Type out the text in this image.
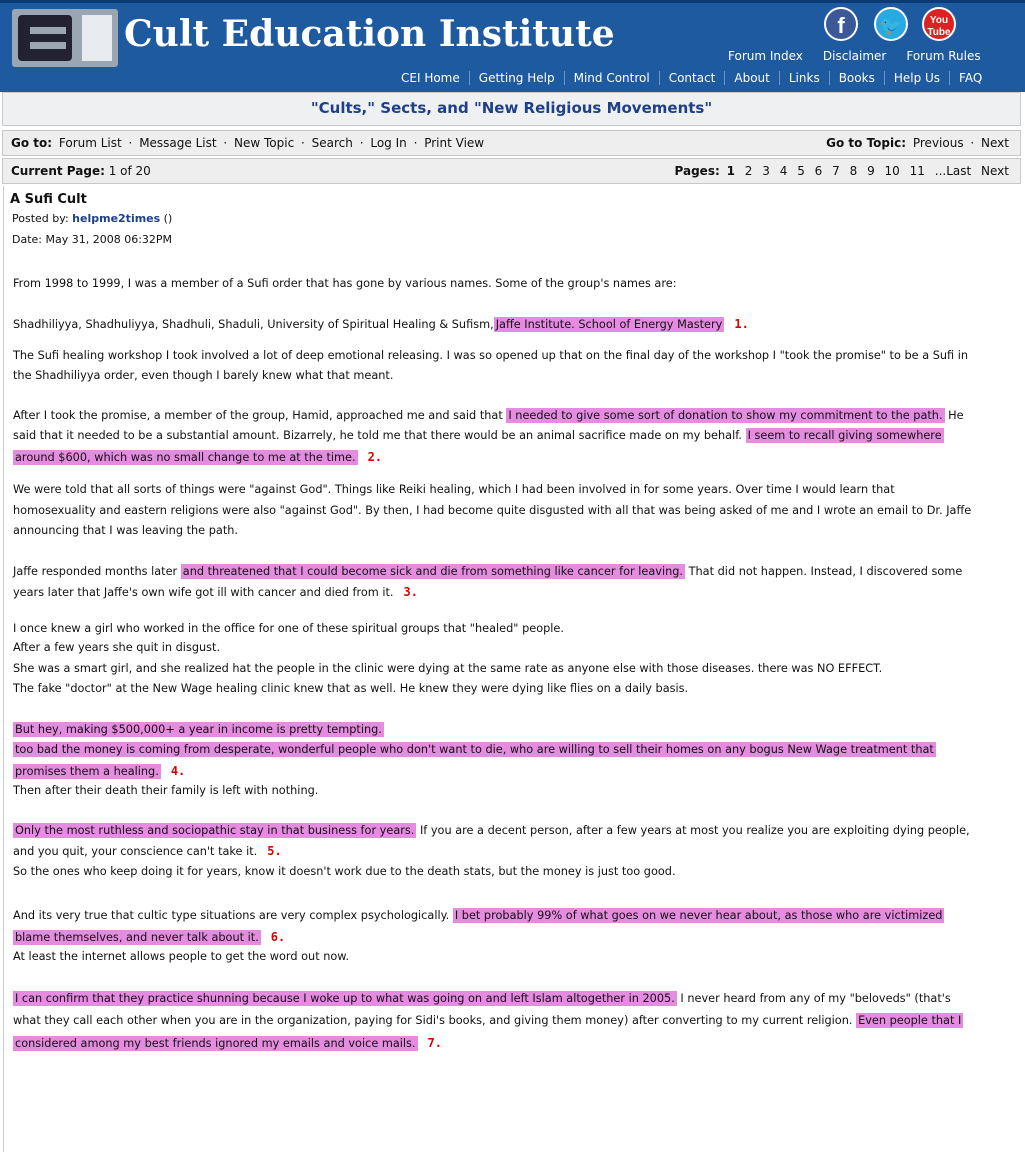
Cult Education Institute	f	🐦	You Tube
Forum Index	Disclaimer	Forum Rules
CEI Home	Getting Help	Mind Control	Contact	About	Links	Books	Help Us	FAQ
"Cults," Sects, and "New Religious Movements"
Go to: Forum List · Message List · New Topic · Search · Log In · Print View	Go to Topic: Previous · Next
Current Page: 1 of 20	Pages: 1 2 3 4 5 6 7 8 9 10 11 ...Last Next
A Sufi Cult
Posted by: helpme2times ()
Date: May 31, 2008 06:32PM
From 1998 to 1999, I was a member of a Sufi order that has gone by various names. Some of the group's names are:
Shadhiliyya, Shadhuliyya, Shadhuli, Shaduli, University of Spiritual Healing & Sufism, Jaffe Institute. School of Energy Mastery 1.
The Sufi healing workshop I took involved a lot of deep emotional releasing. I was so opened up that on the final day of the workshop I "took the promise" to be a Sufi in
the Shadhiliyya order, even though I barely knew what that meant.
After I took the promise, a member of the group, Hamid, approached me and said that I needed to give some sort of donation to show my commitment to the path. He
said that it needed to be a substantial amount. Bizarrely, he told me that there would be an animal sacrifice made on my behalf. I seem to recall giving somewhere
around $600, which was no small change to me at the time. 2.
We were told that all sorts of things were "against God". Things like Reiki healing, which I had been involved in for some years. Over time I would learn that
homosexuality and eastern religions were also "against God". By then, I had become quite disgusted with all that was being asked of me and I wrote an email to Dr. Jaffe
announcing that I was leaving the path.
Jaffe responded months later and threatened that I could become sick and die from something like cancer for leaving. That did not happen. Instead, I discovered some
years later that Jaffe's own wife got ill with cancer and died from it. 3.
I once knew a girl who worked in the office for one of these spiritual groups that "healed" people.
After a few years she quit in disgust.
She was a smart girl, and she realized hat the people in the clinic were dying at the same rate as anyone else with those diseases. there was NO EFFECT.
The fake "doctor" at the New Wage healing clinic knew that as well. He knew they were dying like flies on a daily basis.
But hey, making $500,000+ a year in income is pretty tempting.
too bad the money is coming from desperate, wonderful people who don't want to die, who are willing to sell their homes on any bogus New Wage treatment that
promises them a healing. 4.
Then after their death their family is left with nothing.
Only the most ruthless and sociopathic stay in that business for years. If you are a decent person, after a few years at most you realize you are exploiting dying people,
and you quit, your conscience can't take it. 5.
So the ones who keep doing it for years, know it doesn't work due to the death stats, but the money is just too good.
And its very true that cultic type situations are very complex psychologically. I bet probably 99% of what goes on we never hear about, as those who are victimized
blame themselves, and never talk about it. 6.
At least the internet allows people to get the word out now.
I can confirm that they practice shunning because I woke up to what was going on and left Islam altogether in 2005. I never heard from any of my "beloveds" (that's
what they call each other when you are in the organization, paying for Sidi's books, and giving them money) after converting to my current religion. Even people that I
considered among my best friends ignored my emails and voice mails. 7.
